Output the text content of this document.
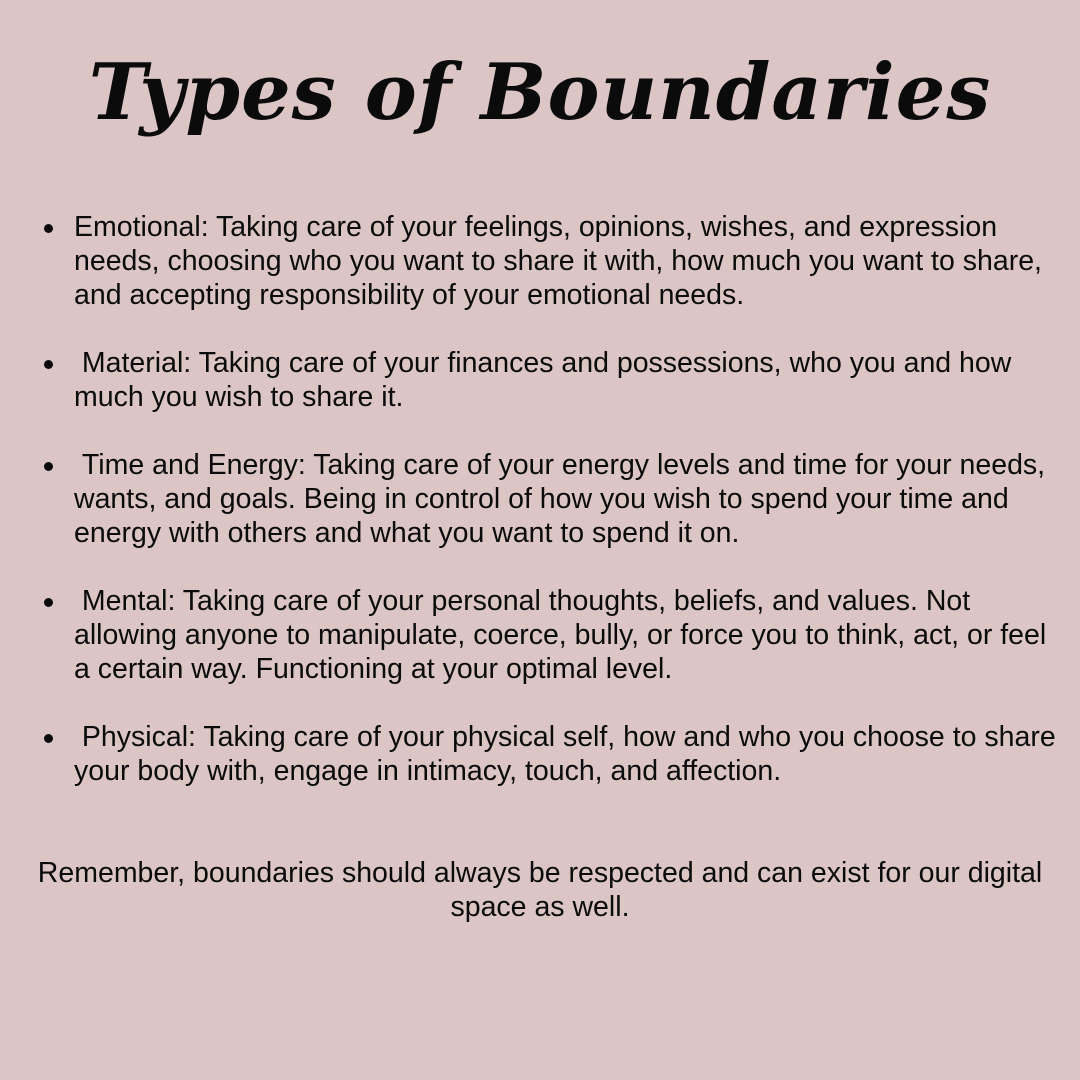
Types of Boundaries
Emotional: Taking care of your feelings, opinions, wishes, and expression needs, choosing who you want to share it with, how much you want to share, and accepting responsibility of your emotional needs.
Material: Taking care of your finances and possessions, who you and how much you wish to share it.
Time and Energy: Taking care of your energy levels and time for your needs, wants, and goals. Being in control of how you wish to spend your time and energy with others and what you want to spend it on.
Mental: Taking care of your personal thoughts, beliefs, and values. Not allowing anyone to manipulate, coerce, bully, or force you to think, act, or feel a certain way. Functioning at your optimal level.
Physical: Taking care of your physical self, how and who you choose to share your body with, engage in intimacy, touch, and affection.

Remember, boundaries should always be respected and can exist for our digital space as well.
